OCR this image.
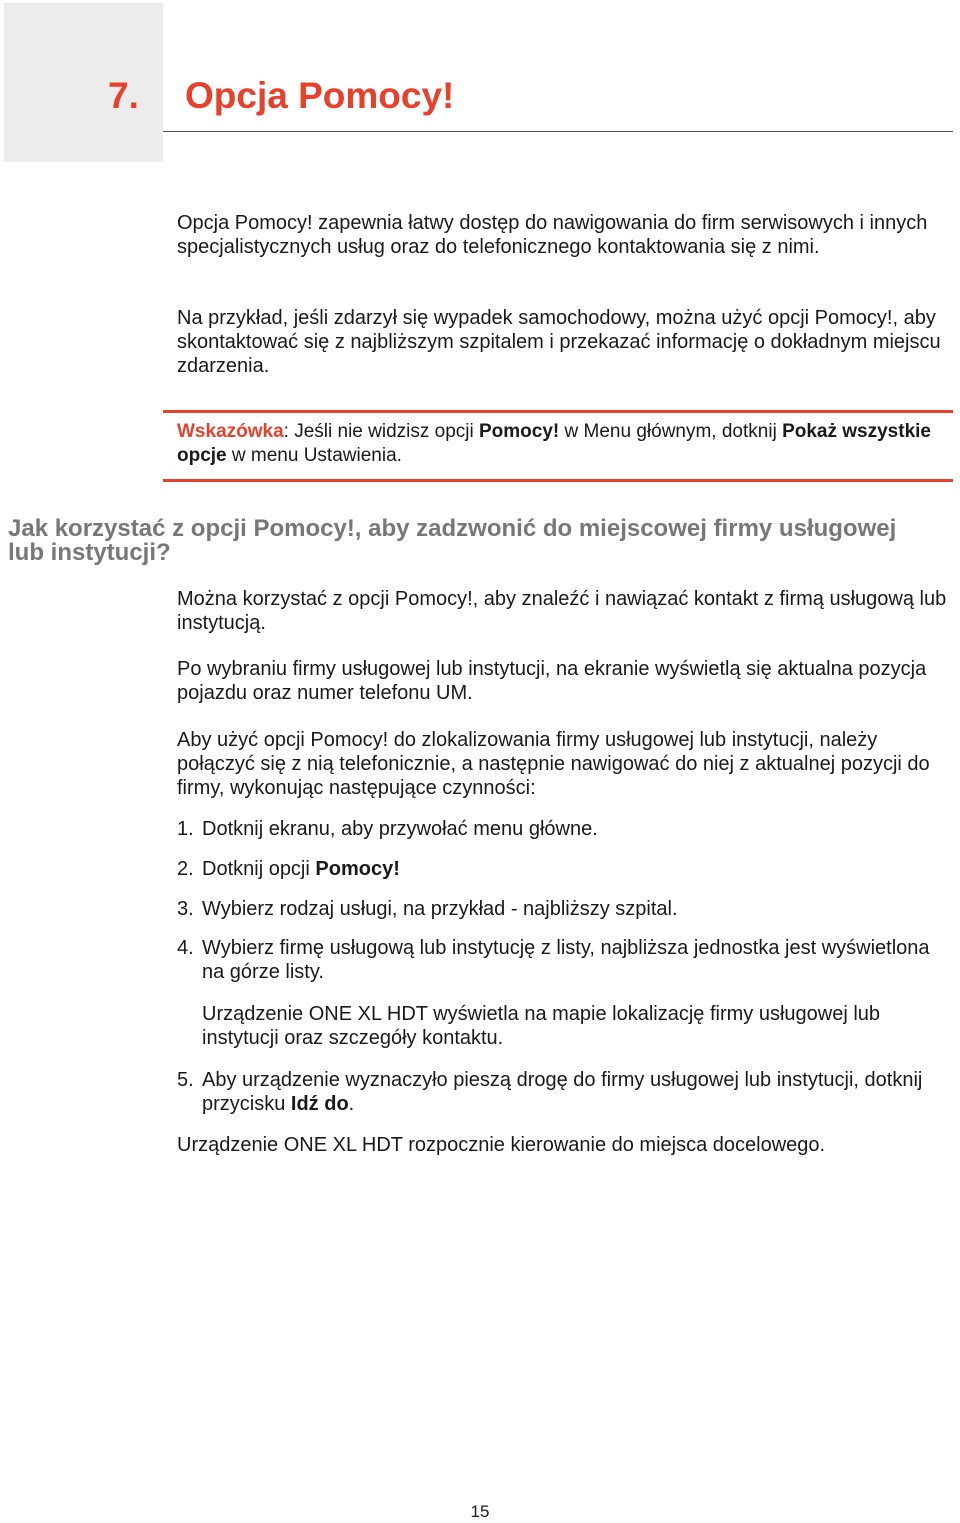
7. Opcja Pomocy!

Opcja Pomocy! zapewnia łatwy dostęp do nawigowania do firm serwisowych i innych specjalistycznych usług oraz do telefonicznego kontaktowania się z nimi.

Na przykład, jeśli zdarzył się wypadek samochodowy, można użyć opcji Pomocy!, aby skontaktować się z najbliższym szpitalem i przekazać informację o dokładnym miejscu zdarzenia.

Wskazówka: Jeśli nie widzisz opcji Pomocy! w Menu głównym, dotknij Pokaż wszystkie opcje w menu Ustawienia.

Jak korzystać z opcji Pomocy!, aby zadzwonić do miejscowej firmy usługowej lub instytucji?

Można korzystać z opcji Pomocy!, aby znaleźć i nawiązać kontakt z firmą usługową lub instytucją.

Po wybraniu firmy usługowej lub instytucji, na ekranie wyświetlą się aktualna pozycja pojazdu oraz numer telefonu UM.

Aby użyć opcji Pomocy! do zlokalizowania firmy usługowej lub instytucji, należy połączyć się z nią telefonicznie, a następnie nawigować do niej z aktualnej pozycji do firmy, wykonując następujące czynności:

1. Dotknij ekranu, aby przywołać menu główne.

2. Dotknij opcji Pomocy!

3. Wybierz rodzaj usługi, na przykład - najbliższy szpital.

4. Wybierz firmę usługową lub instytucję z listy, najbliższa jednostka jest wyświetlona na górze listy.

Urządzenie ONE XL HDT wyświetla na mapie lokalizację firmy usługowej lub instytucji oraz szczegóły kontaktu.

5. Aby urządzenie wyznaczyło pieszą drogę do firmy usługowej lub instytucji, dotknij przycisku Idź do.

Urządzenie ONE XL HDT rozpocznie kierowanie do miejsca docelowego.

15
